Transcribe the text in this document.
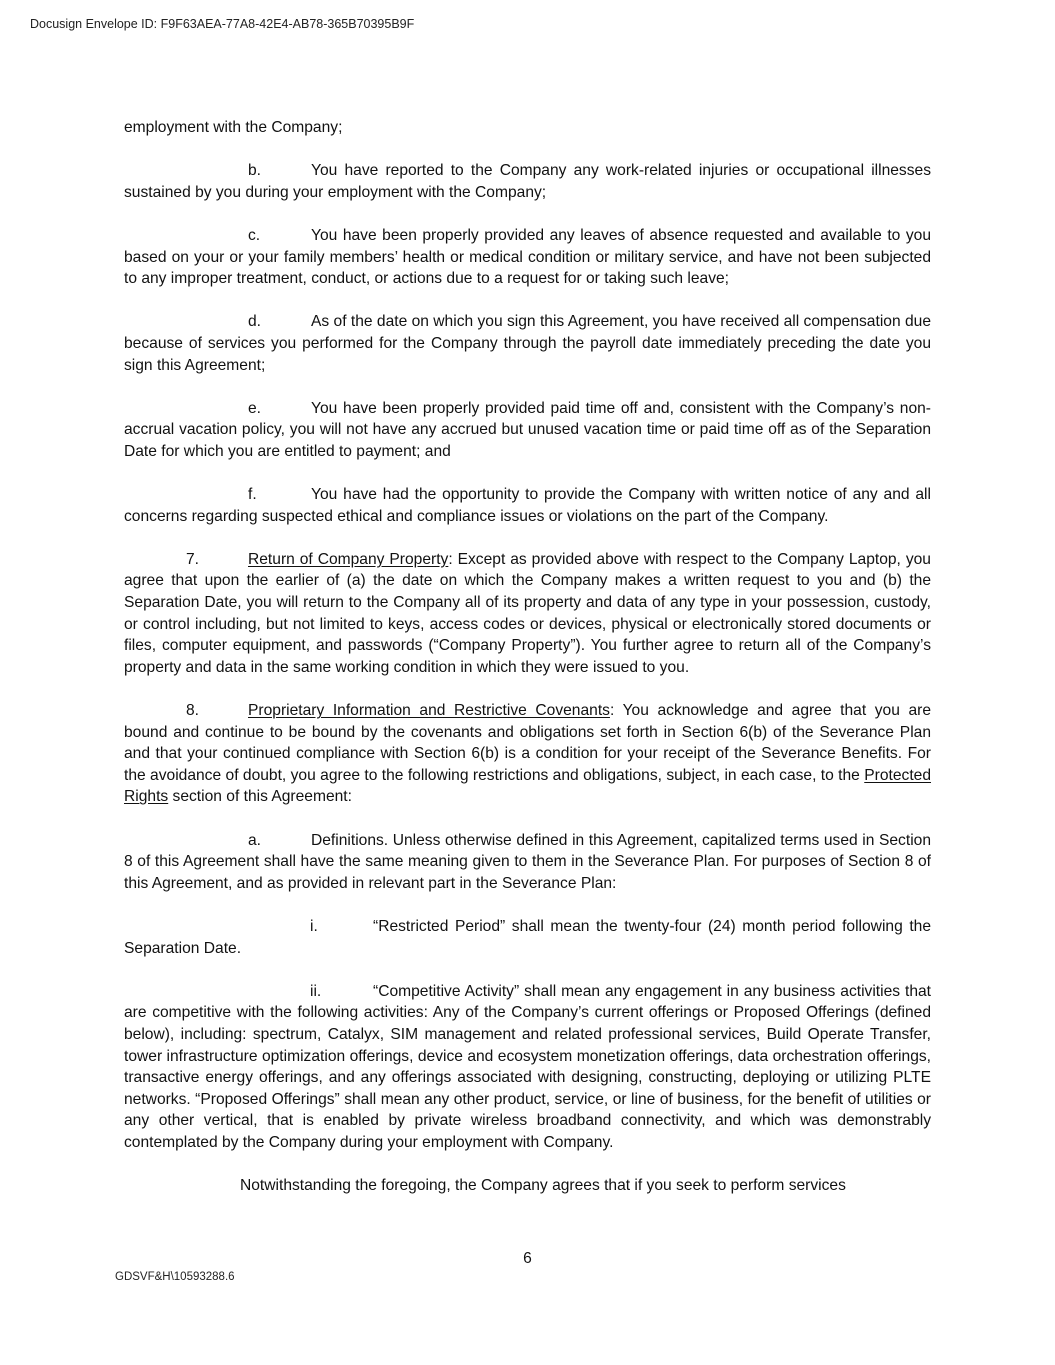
Docusign Envelope ID: F9F63AEA-77A8-42E4-AB78-365B70395B9F

employment with the Company;

b.	You have reported to the Company any work-related injuries or occupational illnesses sustained by you during your employment with the Company;

c.	You have been properly provided any leaves of absence requested and available to you based on your or your family members’ health or medical condition or military service, and have not been subjected to any improper treatment, conduct, or actions due to a request for or taking such leave;

d.	As of the date on which you sign this Agreement, you have received all compensation due because of services you performed for the Company through the payroll date immediately preceding the date you sign this Agreement;

e.	You have been properly provided paid time off and, consistent with the Company’s non-accrual vacation policy, you will not have any accrued but unused vacation time or paid time off as of the Separation Date for which you are entitled to payment; and

f.	You have had the opportunity to provide the Company with written notice of any and all concerns regarding suspected ethical and compliance issues or violations on the part of the Company.

7.	Return of Company Property: Except as provided above with respect to the Company Laptop, you agree that upon the earlier of (a) the date on which the Company makes a written request to you and (b) the Separation Date, you will return to the Company all of its property and data of any type in your possession, custody, or control including, but not limited to keys, access codes or devices, physical or electronically stored documents or files, computer equipment, and passwords (“Company Property”). You further agree to return all of the Company’s property and data in the same working condition in which they were issued to you.

8.	Proprietary Information and Restrictive Covenants: You acknowledge and agree that you are bound and continue to be bound by the covenants and obligations set forth in Section 6(b) of the Severance Plan and that your continued compliance with Section 6(b) is a condition for your receipt of the Severance Benefits. For the avoidance of doubt, you agree to the following restrictions and obligations, subject, in each case, to the Protected Rights section of this Agreement:

a.	Definitions. Unless otherwise defined in this Agreement, capitalized terms used in Section 8 of this Agreement shall have the same meaning given to them in the Severance Plan. For purposes of Section 8 of this Agreement, and as provided in relevant part in the Severance Plan:

i.	“Restricted Period” shall mean the twenty-four (24) month period following the Separation Date.

ii.	“Competitive Activity” shall mean any engagement in any business activities that are competitive with the following activities: Any of the Company’s current offerings or Proposed Offerings (defined below), including: spectrum, Catalyx, SIM management and related professional services, Build Operate Transfer, tower infrastructure optimization offerings, device and ecosystem monetization offerings, data orchestration offerings, transactive energy offerings, and any offerings associated with designing, constructing, deploying or utilizing PLTE networks. “Proposed Offerings” shall mean any other product, service, or line of business, for the benefit of utilities or any other vertical, that is enabled by private wireless broadband connectivity, and which was demonstrably contemplated by the Company during your employment with Company.

Notwithstanding the foregoing, the Company agrees that if you seek to perform services

6
GDSVF&H\10593288.6
